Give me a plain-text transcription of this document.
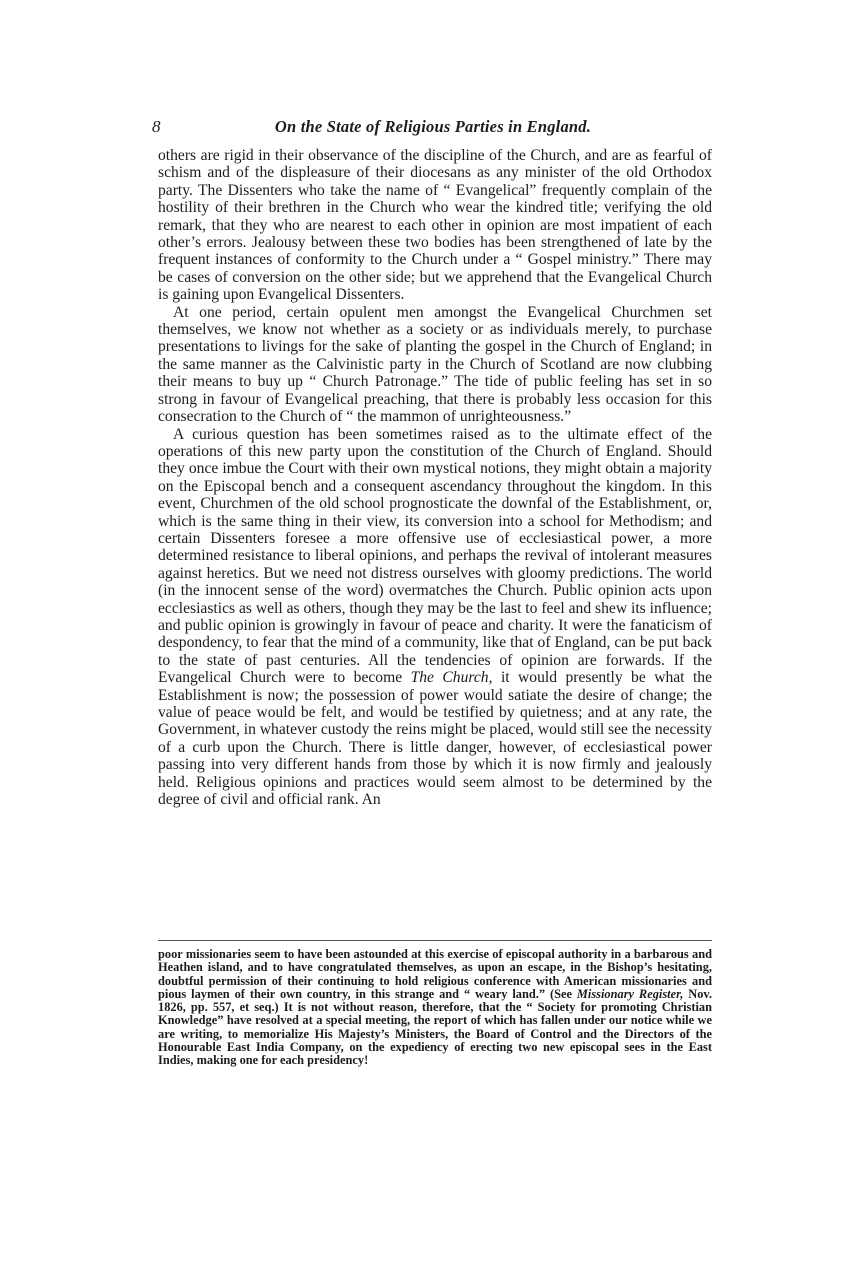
8	On the State of Religious Parties in England.

others are rigid in their observance of the discipline of the Church, and are as fearful of schism and of the displeasure of their diocesans as any minister of the old Orthodox party. The Dissenters who take the name of “ Evangelical” frequently complain of the hostility of their brethren in the Church who wear the kindred title; verifying the old remark, that they who are nearest to each other in opinion are most impatient of each other’s errors. Jealousy between these two bodies has been strengthened of late by the frequent instances of conformity to the Church under a “ Gospel ministry.” There may be cases of conversion on the other side; but we apprehend that the Evangelical Church is gaining upon Evangelical Dissenters.

At one period, certain opulent men amongst the Evangelical Churchmen set themselves, we know not whether as a society or as individuals merely, to purchase presentations to livings for the sake of planting the gospel in the Church of England; in the same manner as the Calvinistic party in the Church of Scotland are now clubbing their means to buy up “ Church Patronage.” The tide of public feeling has set in so strong in favour of Evangelical preaching, that there is probably less occasion for this consecration to the Church of “ the mammon of unrighteousness.”

A curious question has been sometimes raised as to the ultimate effect of the operations of this new party upon the constitution of the Church of England. Should they once imbue the Court with their own mystical notions, they might obtain a majority on the Episcopal bench and a consequent ascendancy throughout the kingdom. In this event, Churchmen of the old school prognosticate the downfal of the Establishment, or, which is the same thing in their view, its conversion into a school for Methodism; and certain Dissenters foresee a more offensive use of ecclesiastical power, a more determined resistance to liberal opinions, and perhaps the revival of intolerant measures against heretics. But we need not distress ourselves with gloomy predictions. The world (in the innocent sense of the word) overmatches the Church. Public opinion acts upon ecclesiastics as well as others, though they may be the last to feel and shew its influence; and public opinion is growingly in favour of peace and charity. It were the fanaticism of despondency, to fear that the mind of a community, like that of England, can be put back to the state of past centuries. All the tendencies of opinion are forwards. If the Evangelical Church were to become The Church, it would presently be what the Establishment is now; the possession of power would satiate the desire of change; the value of peace would be felt, and would be testified by quietness; and at any rate, the Government, in whatever custody the reins might be placed, would still see the necessity of a curb upon the Church. There is little danger, however, of ecclesiastical power passing into very different hands from those by which it is now firmly and jealously held. Religious opinions and practices would seem almost to be determined by the degree of civil and official rank. An

poor missionaries seem to have been astounded at this exercise of episcopal authority in a barbarous and Heathen island, and to have congratulated themselves, as upon an escape, in the Bishop’s hesitating, doubtful permission of their continuing to hold religious conference with American missionaries and pious laymen of their own country, in this strange and “ weary land.” (See Missionary Register, Nov. 1826, pp. 557, et seq.) It is not without reason, therefore, that the “ Society for promoting Christian Knowledge” have resolved at a special meeting, the report of which has fallen under our notice while we are writing, to memorialize His Majesty’s Ministers, the Board of Control and the Directors of the Honourable East India Company, on the expediency of erecting two new episcopal sees in the East Indies, making one for each presidency!
